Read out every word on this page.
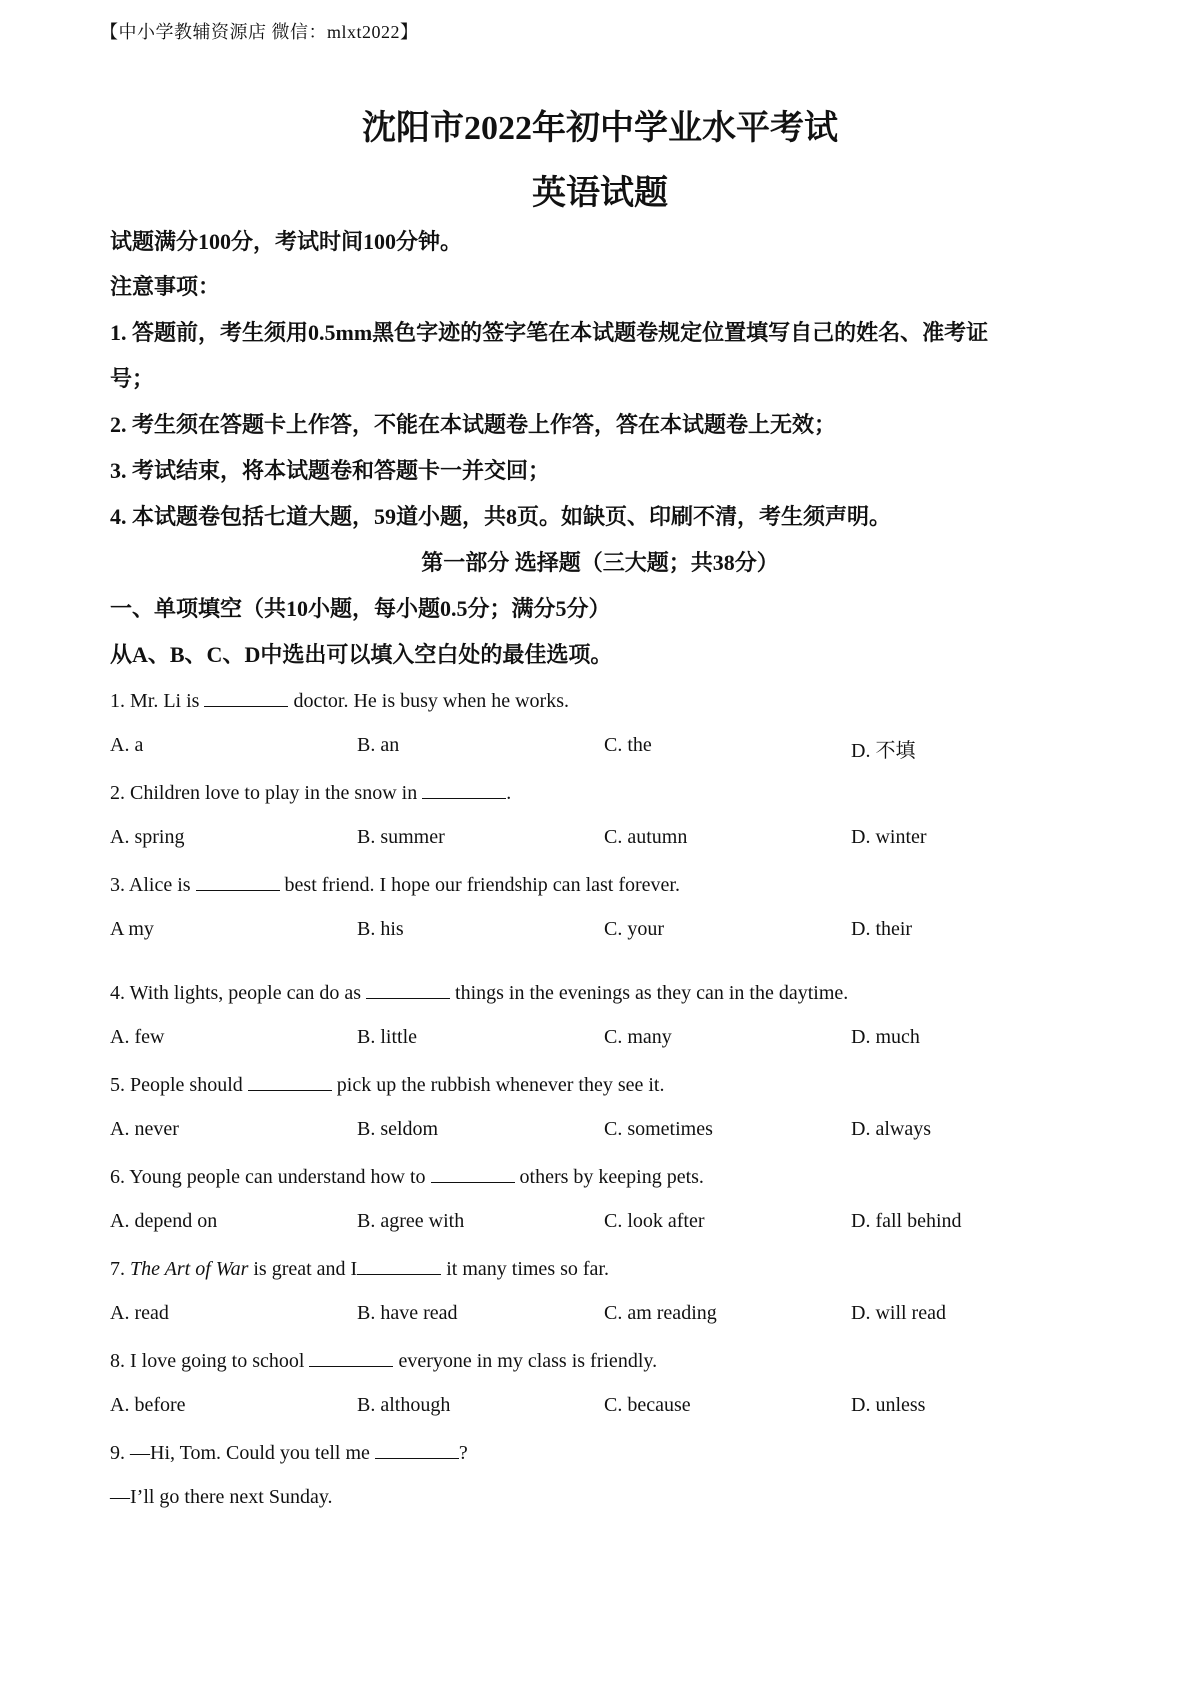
【中小学教辅资源店 微信：mlxt2022】
沈阳市2022年初中学业水平考试
英语试题
试题满分100分，考试时间100分钟。
注意事项：
1. 答题前，考生须用0.5mm黑色字迹的签字笔在本试题卷规定位置填写自己的姓名、准考证
号；
2. 考生须在答题卡上作答，不能在本试题卷上作答，答在本试题卷上无效；
3. 考试结束，将本试题卷和答题卡一并交回；
4. 本试题卷包括七道大题，59道小题，共8页。如缺页、印刷不清，考生须声明。
第一部分 选择题（三大题；共38分）
一、单项填空（共10小题，每小题0.5分；满分5分）
从A、B、C、D中选出可以填入空白处的最佳选项。
1. Mr. Li is	doctor. He is busy when he works.
A. a	B. an	C. the	D. 不填
2. Children love to play in the snow in	.
A. spring	B. summer	C. autumn	D. winter
3. Alice is	best friend. I hope our friendship can last forever.
A my	B. his	C. your	D. their
4. With lights, people can do as	things in the evenings as they can in the daytime.
A. few	B. little	C. many	D. much
5. People should	pick up the rubbish whenever they see it.
A. never	B. seldom	C. sometimes	D. always
6. Young people can understand how to	others by keeping pets.
A. depend on	B. agree with	C. look after	D. fall behind
7. The Art of War is great and I	it many times so far.
A. read	B. have read	C. am reading	D. will read
8. I love going to school	everyone in my class is friendly.
A. before	B. although	C. because	D. unless
9. —Hi, Tom. Could you tell me	?
—I’ll go there next Sunday.
